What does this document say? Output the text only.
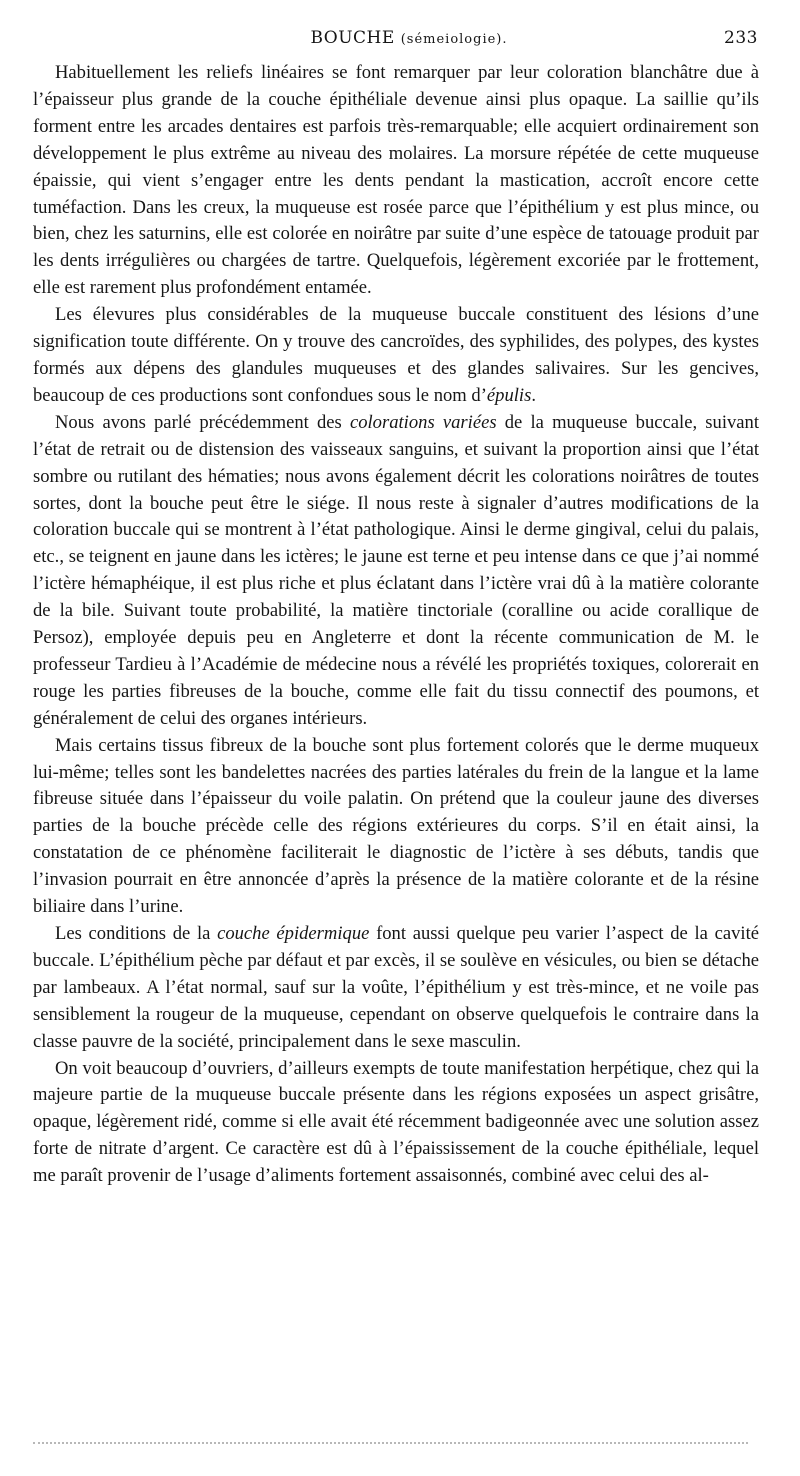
BOUCHE (sémeiologie).	233

Habituellement les reliefs linéaires se font remarquer par leur coloration blanchâtre due à l’épaisseur plus grande de la couche épithéliale devenue ainsi plus opaque. La saillie qu’ils forment entre les arcades dentaires est parfois très-remarquable; elle acquiert ordinairement son développement le plus extrême au niveau des molaires. La morsure répétée de cette muqueuse épaissie, qui vient s’engager entre les dents pendant la mastication, accroît encore cette tuméfaction. Dans les creux, la muqueuse est rosée parce que l’épithélium y est plus mince, ou bien, chez les saturnins, elle est colorée en noirâtre par suite d’une espèce de tatouage produit par les dents irrégulières ou chargées de tartre. Quelquefois, légèrement excoriée par le frottement, elle est rarement plus profondément entamée.

Les élevures plus considérables de la muqueuse buccale constituent des lésions d’une signification toute différente. On y trouve des cancroïdes, des syphilides, des polypes, des kystes formés aux dépens des glandules muqueuses et des glandes salivaires. Sur les gencives, beaucoup de ces productions sont confondues sous le nom d’épulis.

Nous avons parlé précédemment des colorations variées de la muqueuse buccale, suivant l’état de retrait ou de distension des vaisseaux sanguins, et suivant la proportion ainsi que l’état sombre ou rutilant des hématies; nous avons également décrit les colorations noirâtres de toutes sortes, dont la bouche peut être le siége. Il nous reste à signaler d’autres modifications de la coloration buccale qui se montrent à l’état pathologique. Ainsi le derme gingival, celui du palais, etc., se teignent en jaune dans les ictères; le jaune est terne et peu intense dans ce que j’ai nommé l’ictère hémaphéique, il est plus riche et plus éclatant dans l’ictère vrai dû à la matière colorante de la bile. Suivant toute probabilité, la matière tinctoriale (coralline ou acide corallique de Persoz), employée depuis peu en Angleterre et dont la récente communication de M. le professeur Tardieu à l’Académie de médecine nous a révélé les propriétés toxiques, colorerait en rouge les parties fibreuses de la bouche, comme elle fait du tissu connectif des poumons, et généralement de celui des organes intérieurs.

Mais certains tissus fibreux de la bouche sont plus fortement colorés que le derme muqueux lui-même; telles sont les bandelettes nacrées des parties latérales du frein de la langue et la lame fibreuse située dans l’épaisseur du voile palatin. On prétend que la couleur jaune des diverses parties de la bouche précède celle des régions extérieures du corps. S’il en était ainsi, la constatation de ce phénomène faciliterait le diagnostic de l’ictère à ses débuts, tandis que l’invasion pourrait en être annoncée d’après la présence de la matière colorante et de la résine biliaire dans l’urine.

Les conditions de la couche épidermique font aussi quelque peu varier l’aspect de la cavité buccale. L’épithélium pèche par défaut et par excès, il se soulève en vésicules, ou bien se détache par lambeaux. A l’état normal, sauf sur la voûte, l’épithélium y est très-mince, et ne voile pas sensiblement la rougeur de la muqueuse, cependant on observe quelquefois le contraire dans la classe pauvre de la société, principalement dans le sexe masculin.

On voit beaucoup d’ouvriers, d’ailleurs exempts de toute manifestation herpétique, chez qui la majeure partie de la muqueuse buccale présente dans les régions exposées un aspect grisâtre, opaque, légèrement ridé, comme si elle avait été récemment badigeonnée avec une solution assez forte de nitrate d’argent. Ce caractère est dû à l’épaississement de la couche épithéliale, lequel me paraît provenir de l’usage d’aliments fortement assaisonnés, combiné avec celui des al-
